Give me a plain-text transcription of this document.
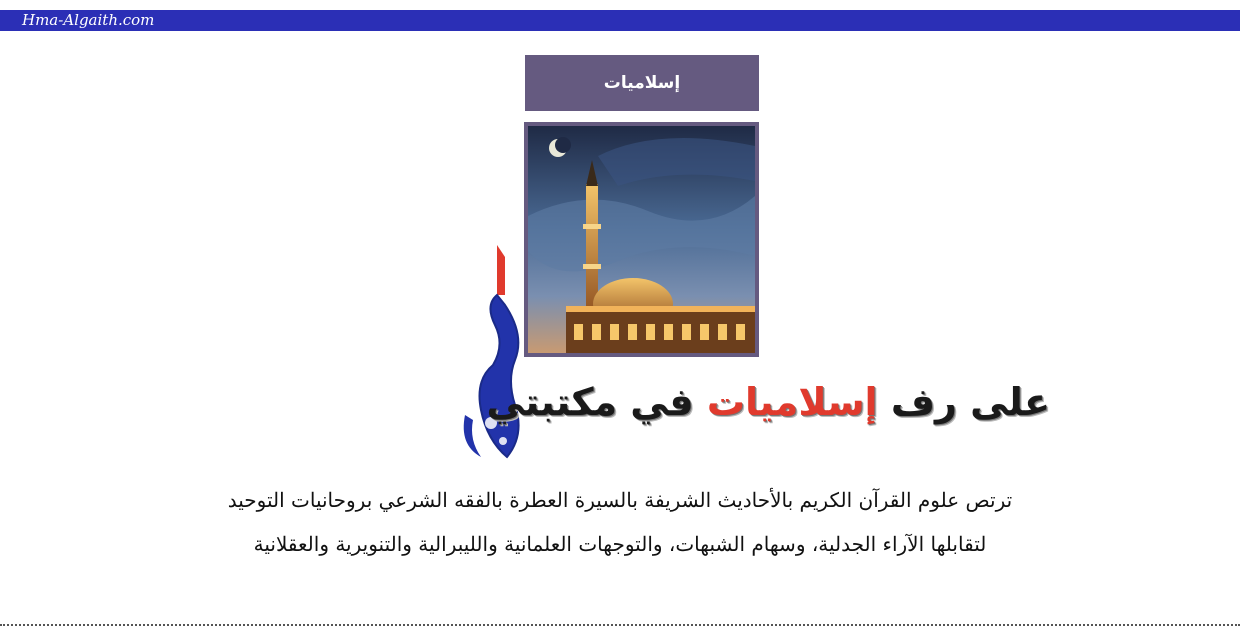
Hma-Algaith.com
إسلاميات
على رف إسلاميات في مكتبتي

ترتص علوم القرآن الكريم بالأحاديث الشريفة بالسيرة العطرة بالفقه الشرعي بروحانيات التوحيد

لتقابلها الآراء الجدلية، وسهام الشبهات، والتوجهات العلمانية والليبرالية والتنويرية والعقلانية
